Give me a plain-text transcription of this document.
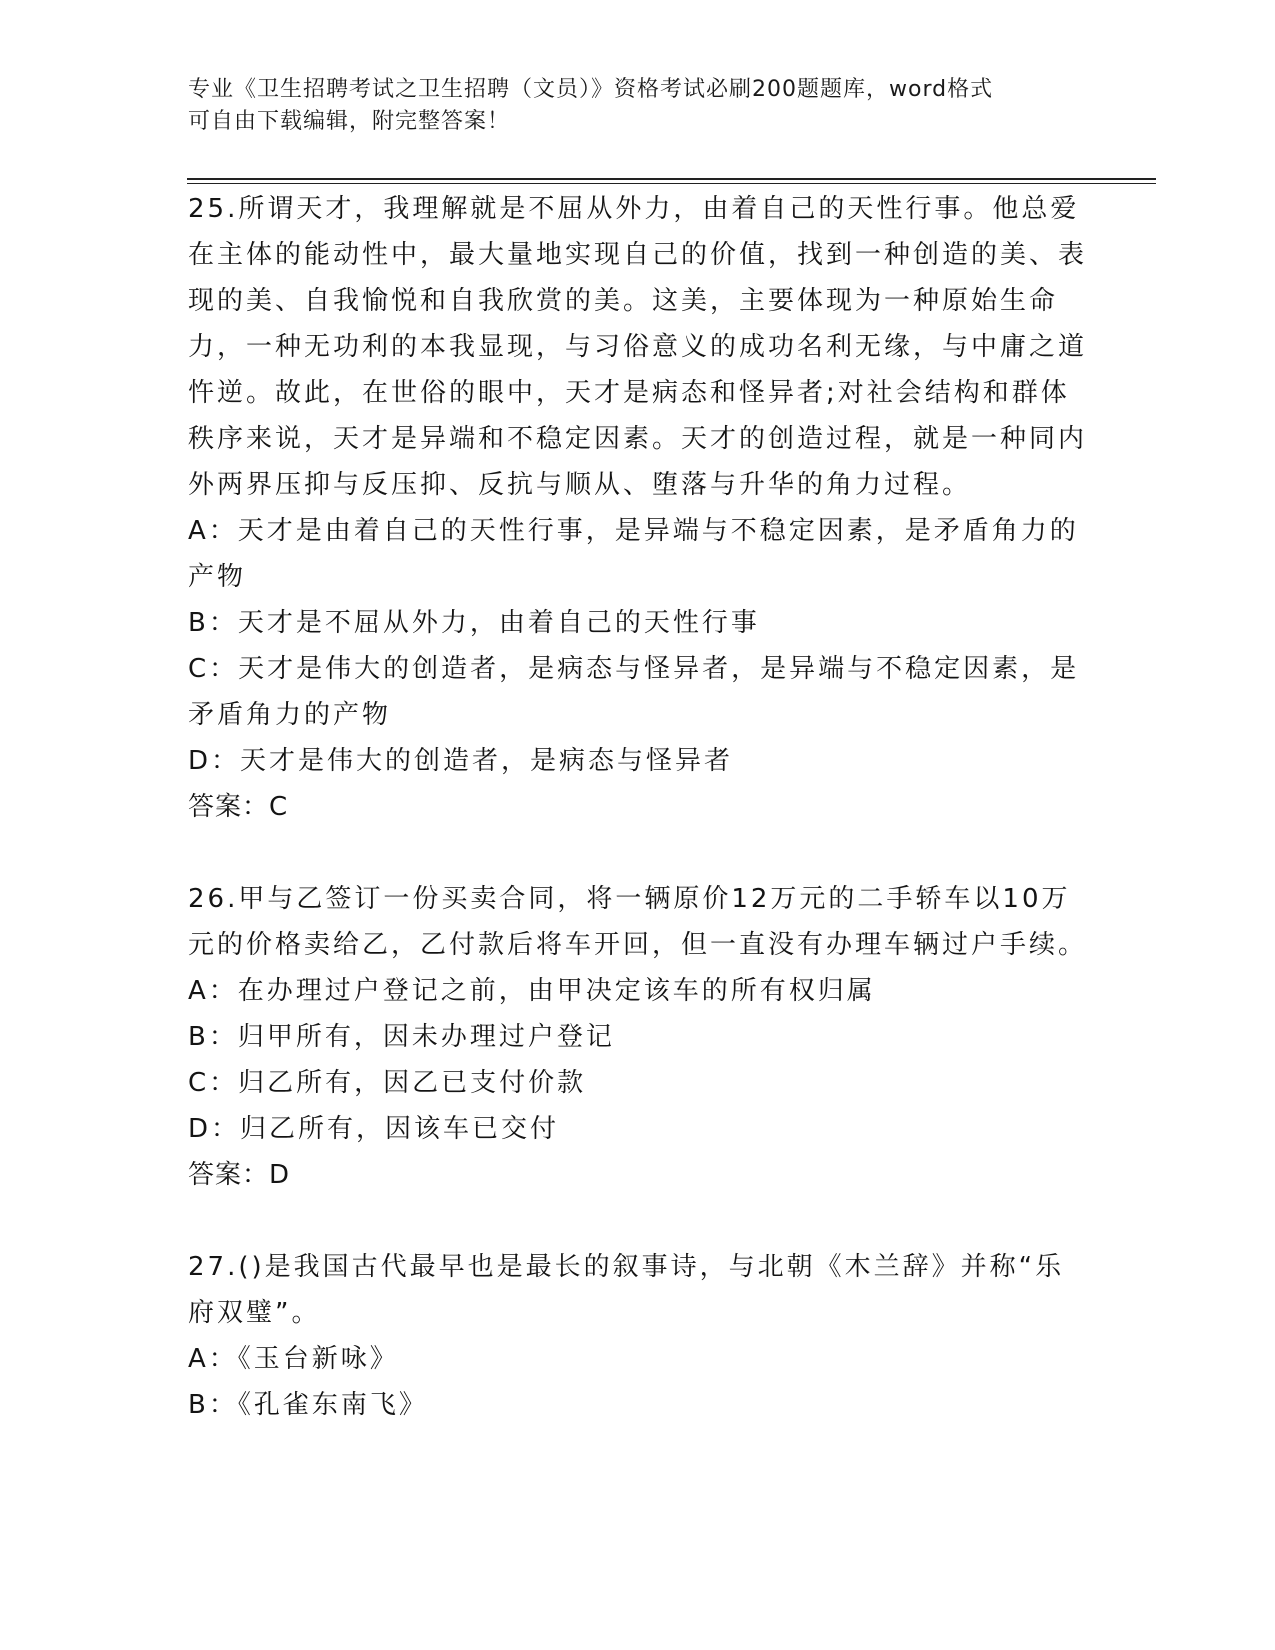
专业《卫生招聘考试之卫生招聘（文员）》资格考试必刷200题题库，word格式
可自由下载编辑，附完整答案！

25.所谓天才，我理解就是不屈从外力，由着自己的天性行事。他总爱在主体的能动性中，最大量地实现自己的价值，找到一种创造的美、表现的美、自我愉悦和自我欣赏的美。这美，主要体现为一种原始生命力，一种无功利的本我显现，与习俗意义的成功名利无缘，与中庸之道忤逆。故此，在世俗的眼中，天才是病态和怪异者;对社会结构和群体秩序来说，天才是异端和不稳定因素。天才的创造过程，就是一种同内外两界压抑与反压抑、反抗与顺从、堕落与升华的角力过程。

A：天才是由着自己的天性行事，是异端与不稳定因素，是矛盾角力的产物

B：天才是不屈从外力，由着自己的天性行事

C：天才是伟大的创造者，是病态与怪异者，是异端与不稳定因素，是矛盾角力的产物

D：天才是伟大的创造者，是病态与怪异者

答案：C

26.甲与乙签订一份买卖合同，将一辆原价12万元的二手轿车以10万元的价格卖给乙，乙付款后将车开回，但一直没有办理车辆过户手续。

A：在办理过户登记之前，由甲决定该车的所有权归属

B：归甲所有，因未办理过户登记

C：归乙所有，因乙已支付价款

D：归乙所有，因该车已交付

答案：D

27.()是我国古代最早也是最长的叙事诗，与北朝《木兰辞》并称“乐府双璧”。

A：《玉台新咏》

B：《孔雀东南飞》
